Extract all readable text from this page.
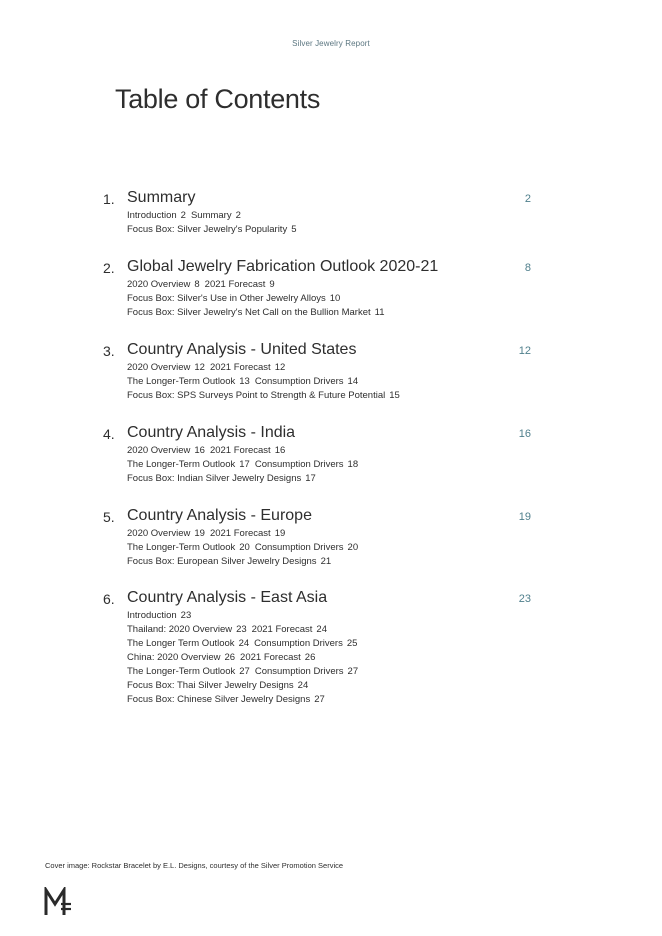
Silver Jewelry Report
Table of Contents
1. Summary	2
Introduction 2 Summary 2
Focus Box: Silver Jewelry's Popularity 5
2. Global Jewelry Fabrication Outlook 2020-21	8
2020 Overview 8 2021 Forecast 9
Focus Box: Silver's Use in Other Jewelry Alloys 10
Focus Box: Silver Jewelry's Net Call on the Bullion Market 11
3. Country Analysis - United States	12
2020 Overview 12 2021 Forecast 12
The Longer-Term Outlook 13 Consumption Drivers 14
Focus Box: SPS Surveys Point to Strength & Future Potential 15
4. Country Analysis - India	16
2020 Overview 16 2021 Forecast 16
The Longer-Term Outlook 17 Consumption Drivers 18
Focus Box: Indian Silver Jewelry Designs 17
5. Country Analysis - Europe	19
2020 Overview 19 2021 Forecast 19
The Longer-Term Outlook 20 Consumption Drivers 20
Focus Box: European Silver Jewelry Designs 21
6. Country Analysis - East Asia	23
Introduction 23
Thailand: 2020 Overview 23 2021 Forecast 24
The Longer Term Outlook 24 Consumption Drivers 25
China: 2020 Overview 26 2021 Forecast 26
The Longer-Term Outlook 27 Consumption Drivers 27
Focus Box: Thai Silver Jewelry Designs 24
Focus Box: Chinese Silver Jewelry Designs 27
Cover image: Rockstar Bracelet by E.L. Designs, courtesy of the Silver Promotion Service
